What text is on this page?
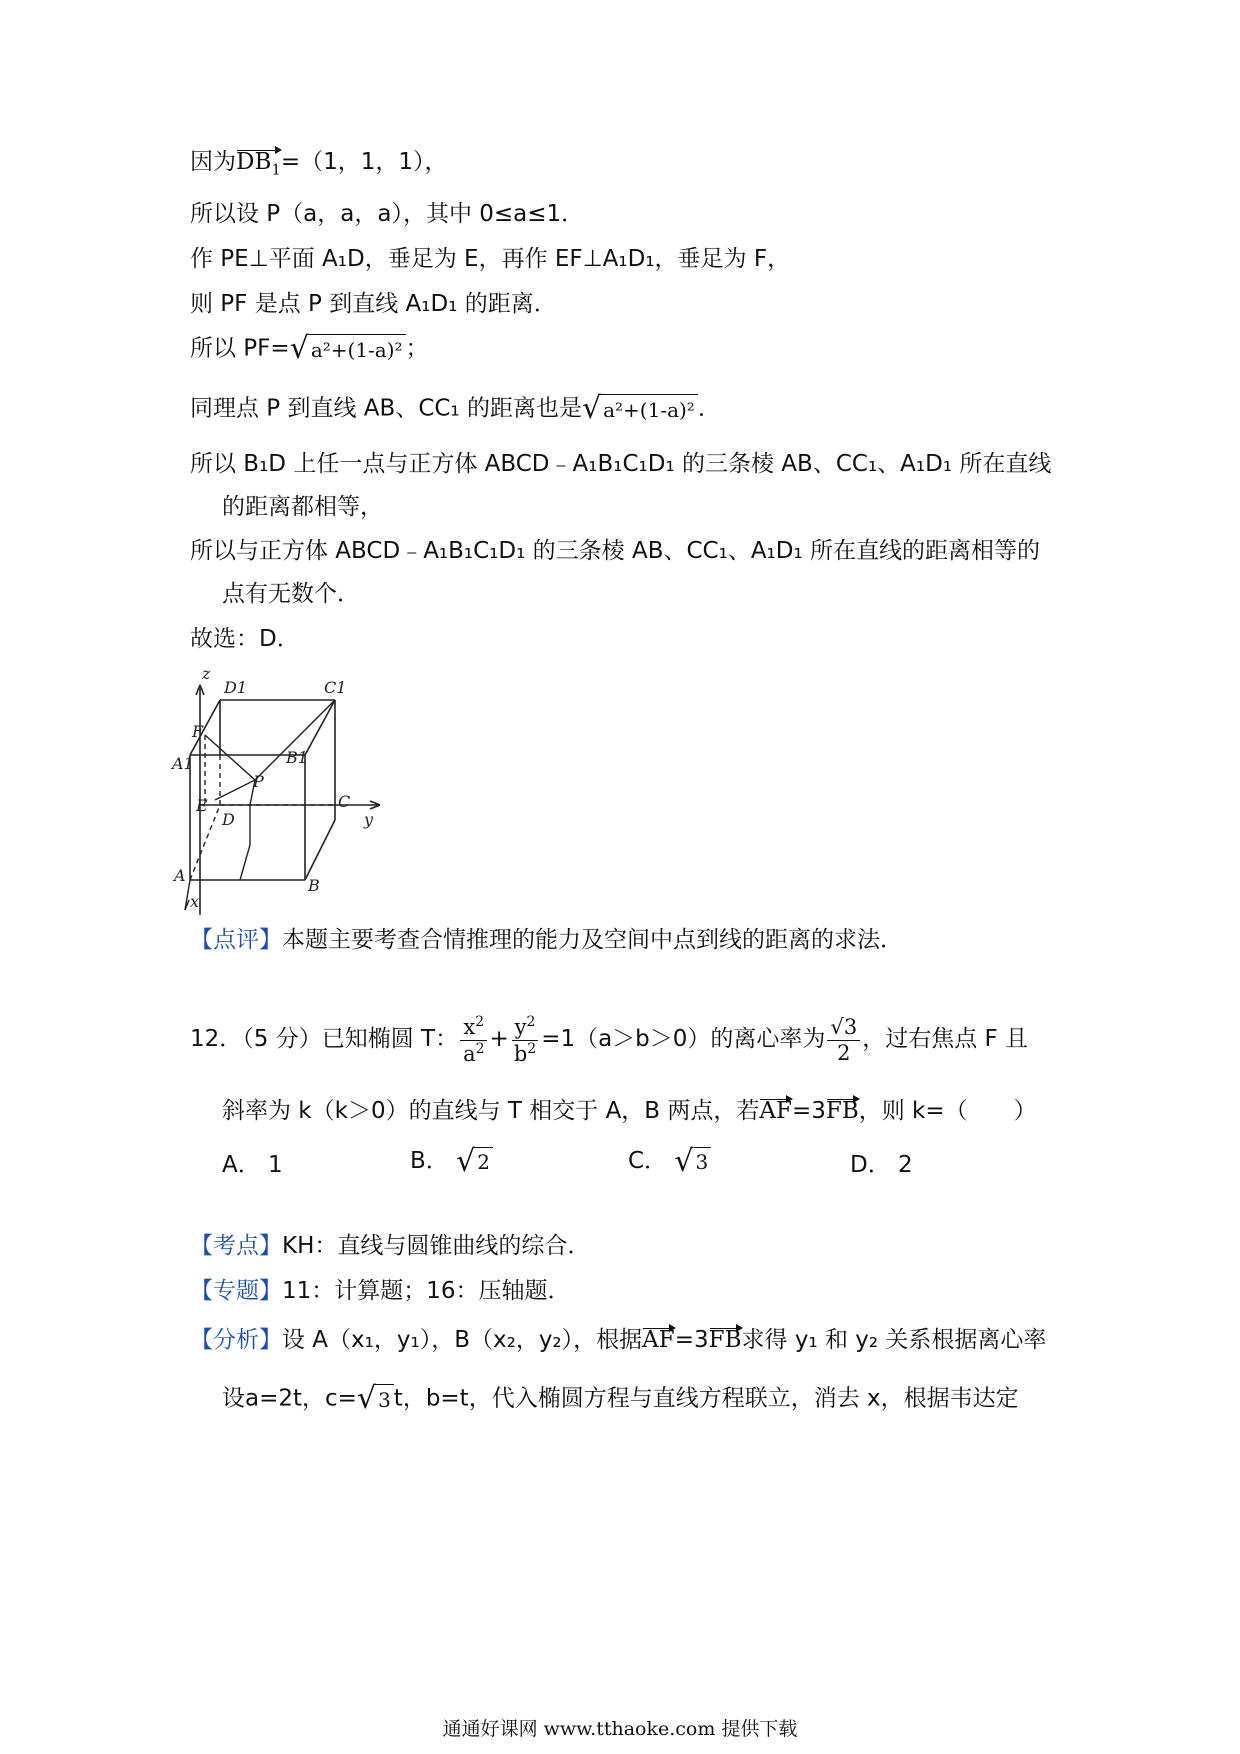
因为$DB_1=(1$，1，1），
所以设 P（a，a，a），其中 0≤a≤1．
作 PE⊥平面 A₁D，垂足为 E，再作 EF⊥A₁D₁，垂足为 F，
则 PF 是点 P 到直线 A₁D₁ 的距离．
所以 PF= √ a²+(1-a)² ；
同理点 P 到直线 AB、CC₁ 的距离也是 √ a²+(1-a)² ．
所以 B₁D 上任一点与正方体 ABCD﹣A₁B₁C₁D₁ 的三条棱 AB、CC₁、A₁D₁ 所在直线
的距离都相等，
所以与正方体 ABCD﹣A₁B₁C₁D₁ 的三条棱 AB、CC₁、A₁D₁ 所在直线的距离相等的
点有无数个．
故选：D．
z
D1	C1
F
B1
A1
P
E
D
C
y
A
B
x
【点评】本题主要考查合情推理的能力及空间中点到线的距离的求法．
12．（5 分）已知椭圆 T： $\frac{x^2}{a^2} + \frac{y^2}{b^2} =1(a>b>0)$的离心率为 $\frac{√3}{2}$ ，过右焦点 F 且
斜率为 k（k＞0）的直线与 T 相交于 A，B 两点，若AF=3FB，则 k=（　　）
A． 1	B． √ 2	C． √ 3	D． 2
【考点】KH：直线与圆锥曲线的综合．
【专题】11：计算题；16：压轴题．
【分析】设 A（x₁，y₁），B（x₂，y₂），根据AF=3FB求得 y₁ 和 y₂ 关系根据离心率
设a=2t，c= √ 3 t，b=t，代入椭圆方程与直线方程联立，消去 x，根据韦达定
通通好课网 www.tthaoke.com 提供下载
